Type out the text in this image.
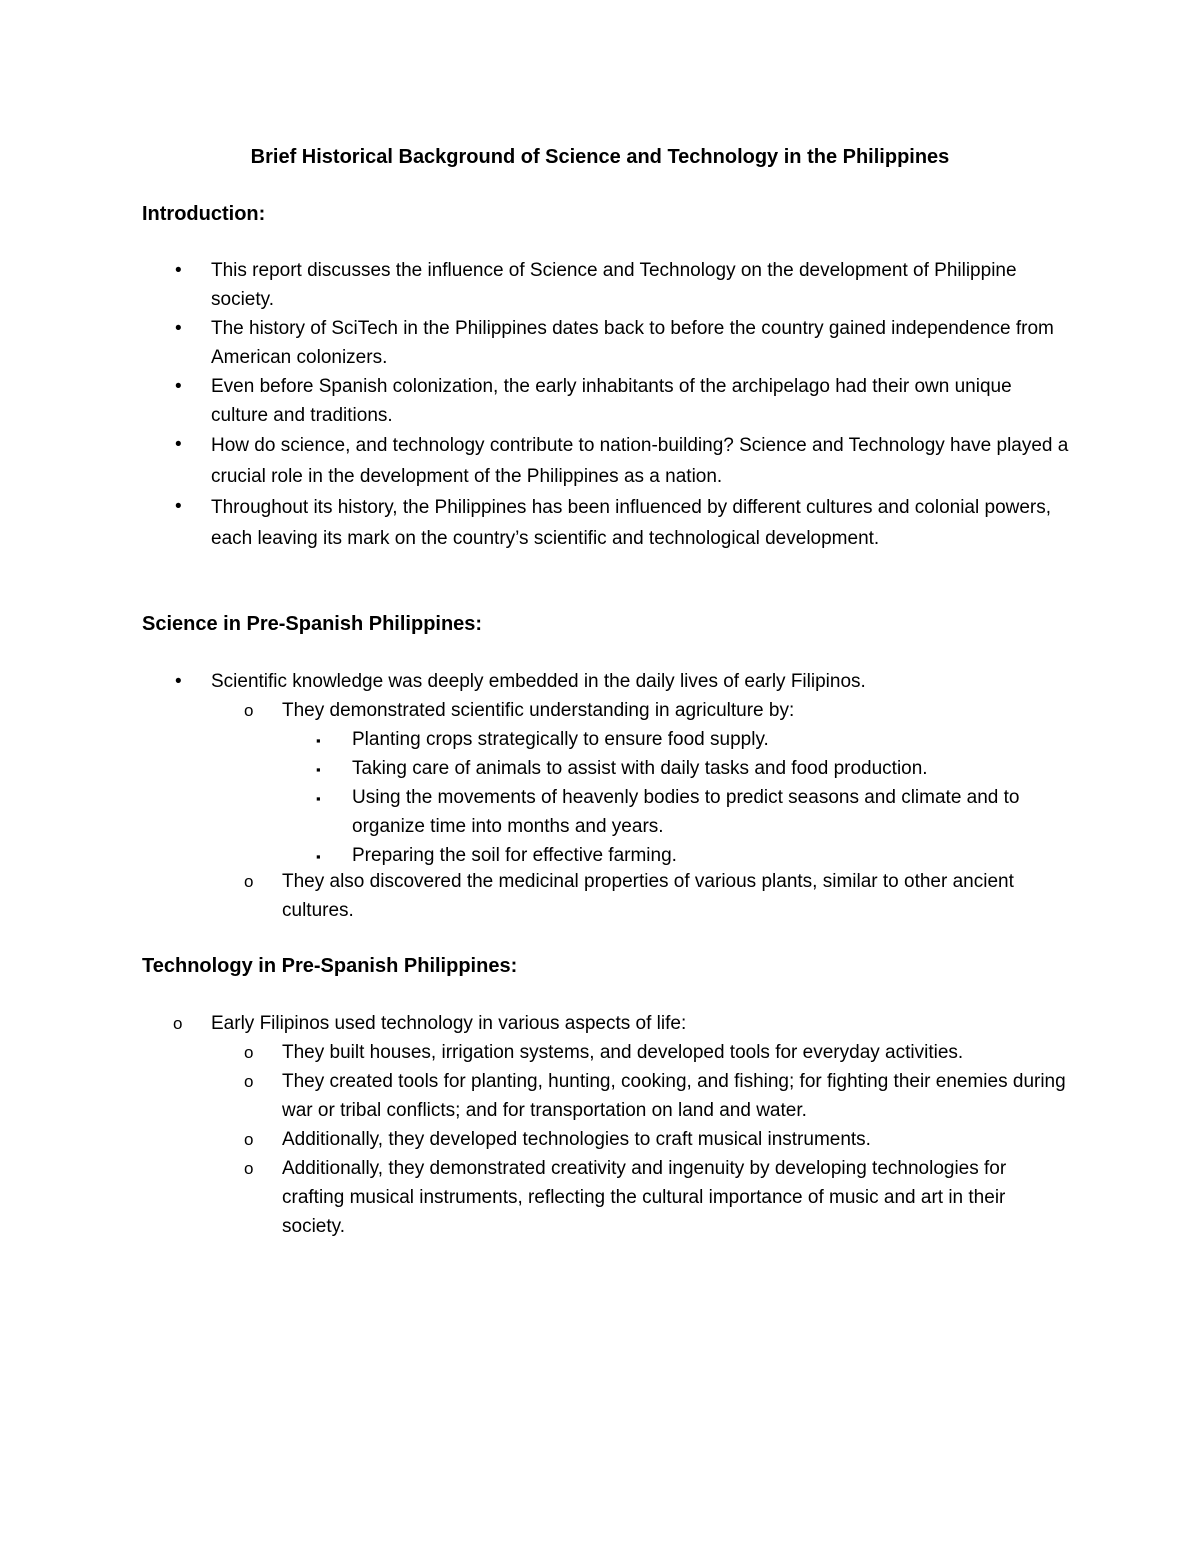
Brief Historical Background of Science and Technology in the Philippines
Introduction:
• This report discusses the influence of Science and Technology on the development of Philippine society.
• The history of SciTech in the Philippines dates back to before the country gained independence from American colonizers.
• Even before Spanish colonization, the early inhabitants of the archipelago had their own unique culture and traditions.
• How do science, and technology contribute to nation-building? Science and Technology have played a crucial role in the development of the Philippines as a nation.
• Throughout its history, the Philippines has been influenced by different cultures and colonial powers, each leaving its mark on the country’s scientific and technological development.
Science in Pre-Spanish Philippines:
• Scientific knowledge was deeply embedded in the daily lives of early Filipinos.
o They demonstrated scientific understanding in agriculture by:
▪ Planting crops strategically to ensure food supply.
▪ Taking care of animals to assist with daily tasks and food production.
▪ Using the movements of heavenly bodies to predict seasons and climate and to organize time into months and years.
▪ Preparing the soil for effective farming.
o They also discovered the medicinal properties of various plants, similar to other ancient cultures.
Technology in Pre-Spanish Philippines:
o Early Filipinos used technology in various aspects of life:
o They built houses, irrigation systems, and developed tools for everyday activities.
o They created tools for planting, hunting, cooking, and fishing; for fighting their enemies during war or tribal conflicts; and for transportation on land and water.
o Additionally, they developed technologies to craft musical instruments.
o Additionally, they demonstrated creativity and ingenuity by developing technologies for crafting musical instruments, reflecting the cultural importance of music and art in their society.
